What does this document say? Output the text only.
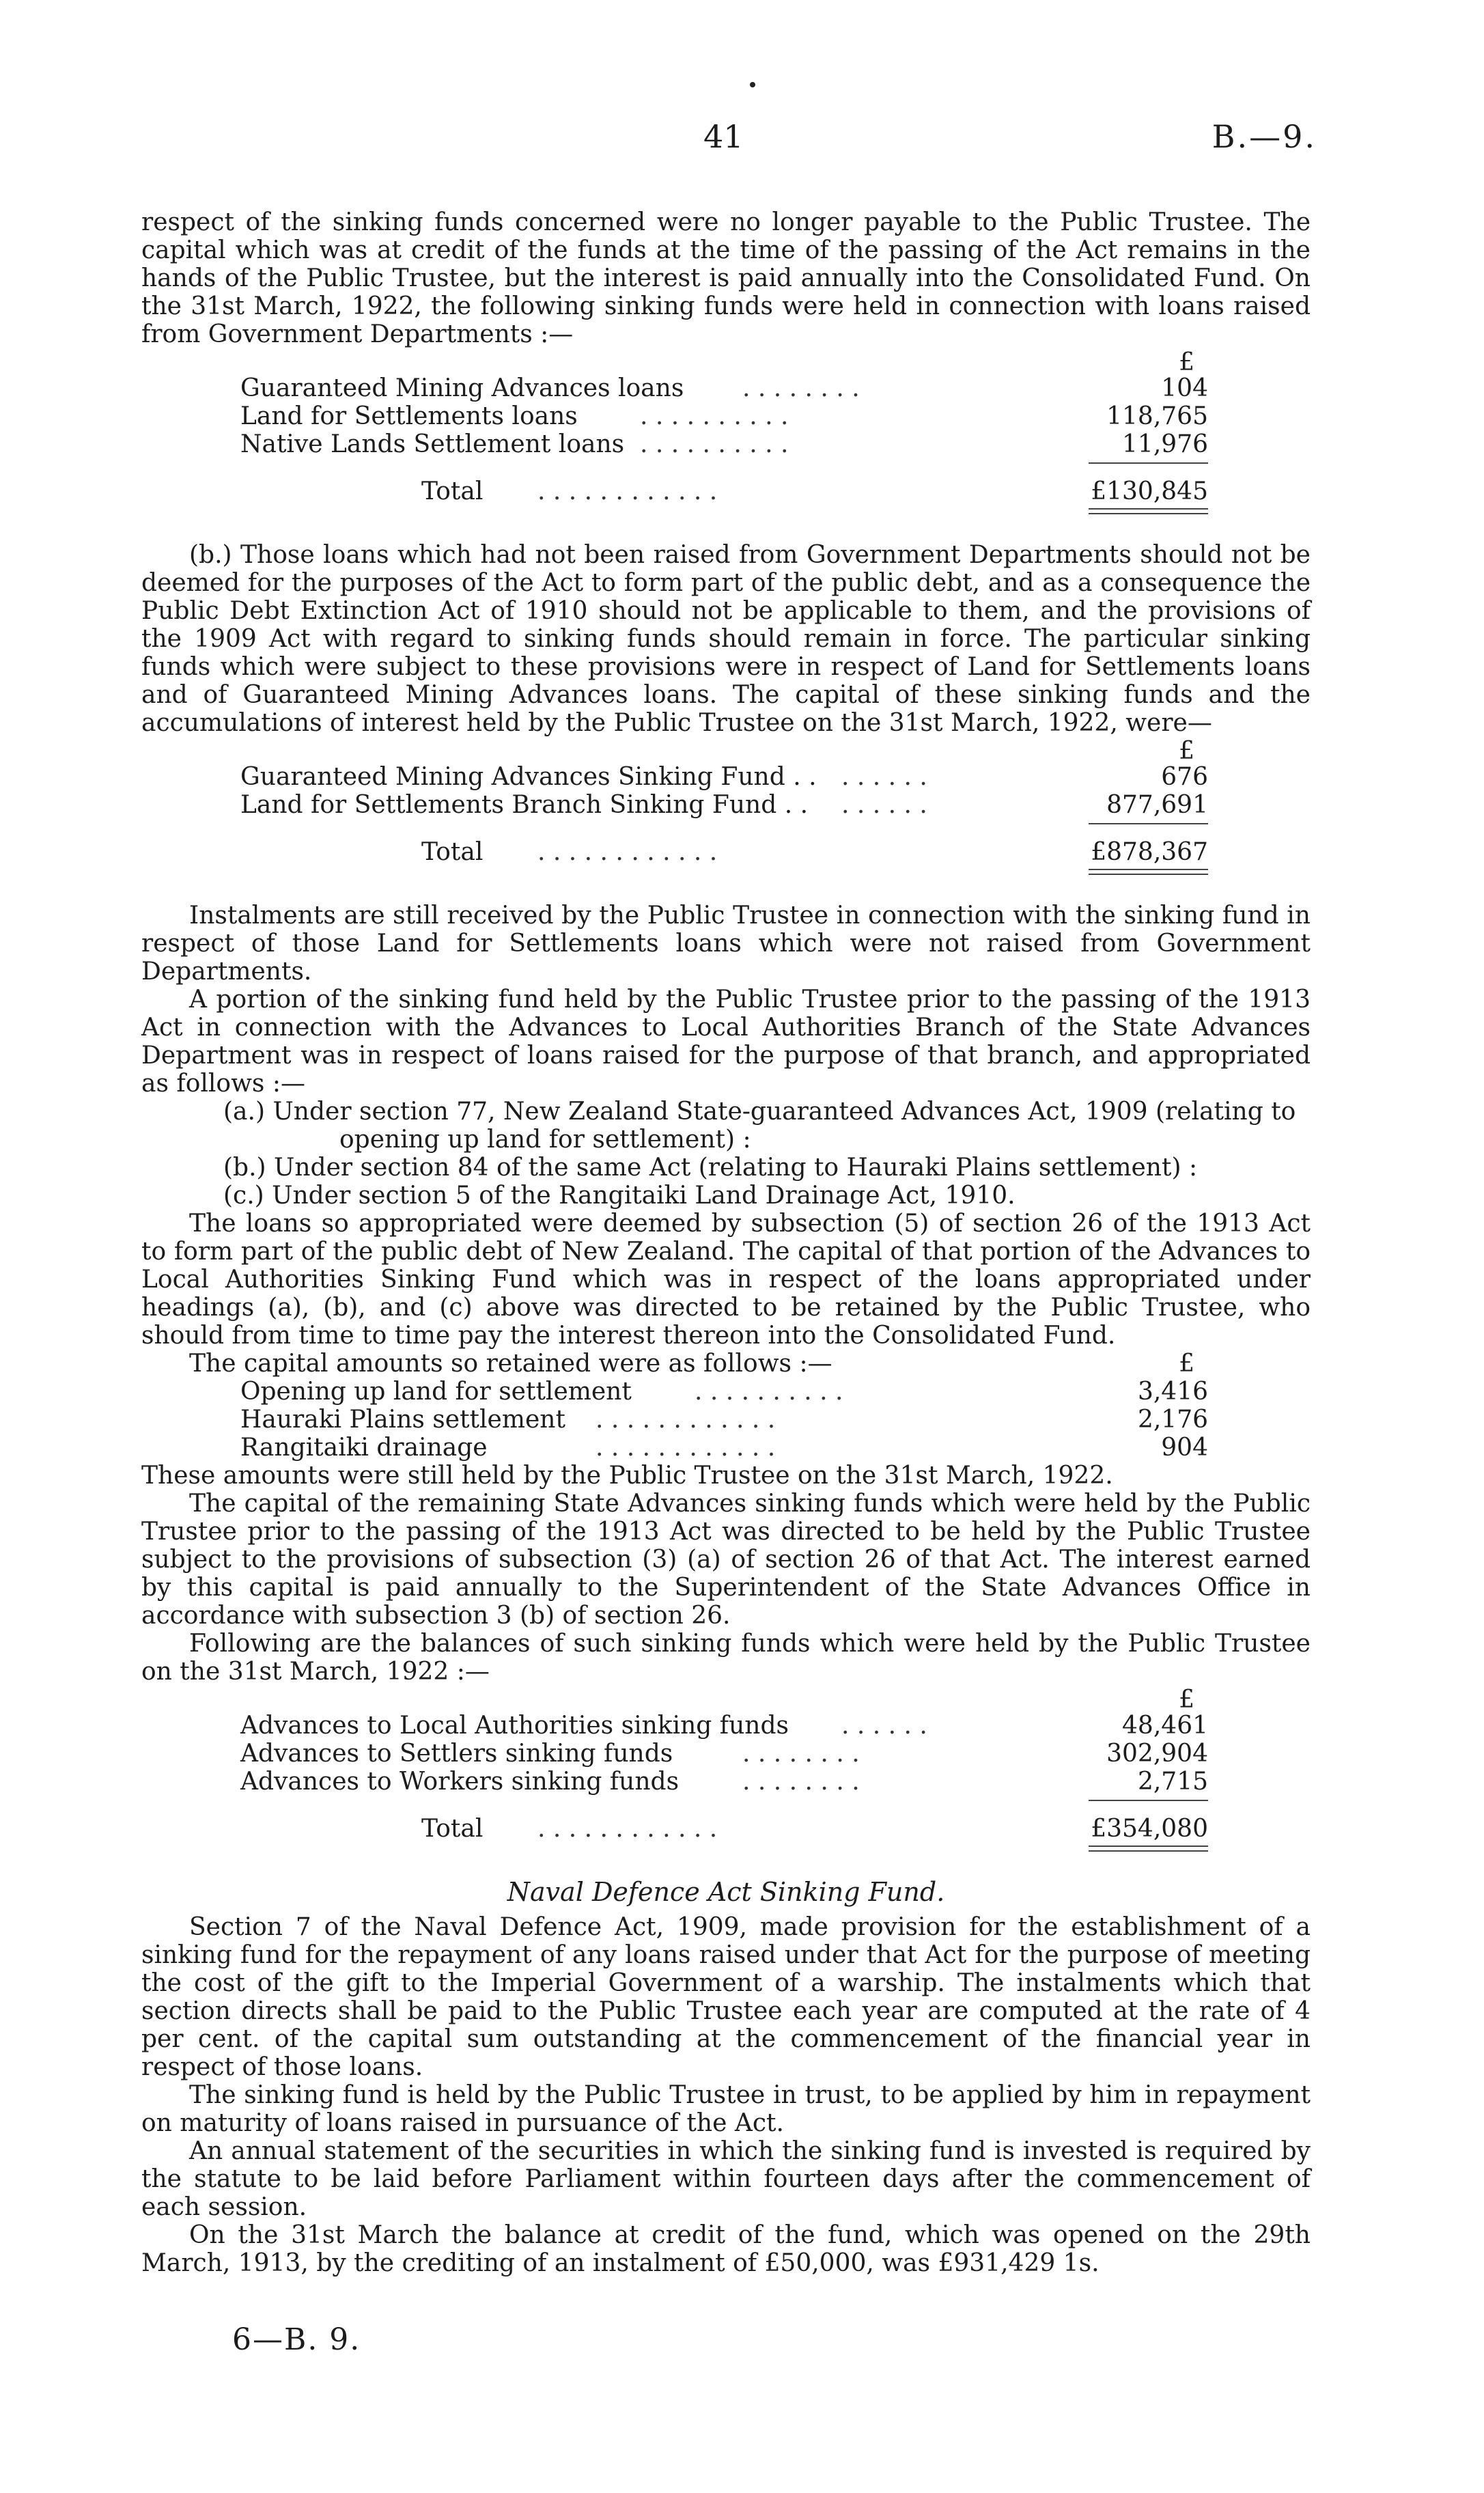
41	B.—9.

respect of the sinking funds concerned were no longer payable to the Public Trustee. The capital which was at credit of the funds at the time of the passing of the Act remains in the hands of the Public Trustee, but the interest is paid annually into the Consolidated Fund. On the 31st March, 1922, the following sinking funds were held in connection with loans raised from Government Departments :—

£
Guaranteed Mining Advances loans . . . . . . . .	104
Land for Settlements loans	. . . . . . . . . .	118,765
Native Lands Settlement loans . . . . . . . . . .	11,976
Total . . . . . . . . . . . .	£130,845

(b.) Those loans which had not been raised from Government Departments should not be deemed for the purposes of the Act to form part of the public debt, and as a consequence the Public Debt Extinction Act of 1910 should not be applicable to them, and the provisions of the 1909 Act with regard to sinking funds should remain in force. The particular sinking funds which were subject to these provisions were in respect of Land for Settlements loans and of Guaranteed Mining Advances loans. The capital of these sinking funds and the accumulations of interest held by the Public Trustee on the 31st March, 1922, were—

£
Guaranteed Mining Advances Sinking Fund . . . . . . . .	676
Land for Settlements Branch Sinking Fund . . . . . . . .	877,691
Total . . . . . . . . . . . .	£878,367

Instalments are still received by the Public Trustee in connection with the sinking fund in respect of those Land for Settlements loans which were not raised from Government Departments.

A portion of the sinking fund held by the Public Trustee prior to the passing of the 1913 Act in connection with the Advances to Local Authorities Branch of the State Advances Department was in respect of loans raised for the purpose of that branch, and appropriated as follows :—

(a.) Under section 77, New Zealand State-guaranteed Advances Act, 1909 (relating to

opening up land for settlement) :

(b.) Under section 84 of the same Act (relating to Hauraki Plains settlement) :

(c.) Under section 5 of the Rangitaiki Land Drainage Act, 1910.

The loans so appropriated were deemed by subsection (5) of section 26 of the 1913 Act to form part of the public debt of New Zealand. The capital of that portion of the Advances to Local Authorities Sinking Fund which was in respect of the loans appropriated under headings (a), (b), and (c) above was directed to be retained by the Public Trustee, who should from time to time pay the interest thereon into the Consolidated Fund.

The capital amounts so retained were as follows :—	£
Opening up land for settlement	. . . . . . . . . .	3,416
Hauraki Plains settlement . . . . . . . . . . . .	2,176
Rangitaiki drainage	. . . . . . . . . . . .	904

These amounts were still held by the Public Trustee on the 31st March, 1922.

The capital of the remaining State Advances sinking funds which were held by the Public Trustee prior to the passing of the 1913 Act was directed to be held by the Public Trustee subject to the provisions of subsection (3) (a) of section 26 of that Act. The interest earned by this capital is paid annually to the Superintendent of the State Advances Office in accordance with subsection 3 (b) of section 26.

Following are the balances of such sinking funds which were held by the Public Trustee on the 31st March, 1922 :—

£
Advances to Local Authorities sinking funds . . . . . .	48,461
Advances to Settlers sinking funds	. . . . . . . .	302,904
Advances to Workers sinking funds	. . . . . . . .	2,715
Total . . . . . . . . . . . .	£354,080
Naval Defence Act Sinking Fund.

Section 7 of the Naval Defence Act, 1909, made provision for the establishment of a sinking fund for the repayment of any loans raised under that Act for the purpose of meeting the cost of the gift to the Imperial Government of a warship. The instalments which that section directs shall be paid to the Public Trustee each year are computed at the rate of 4 per cent. of the capital sum outstanding at the commencement of the financial year in respect of those loans.

The sinking fund is held by the Public Trustee in trust, to be applied by him in repayment on maturity of loans raised in pursuance of the Act.

An annual statement of the securities in which the sinking fund is invested is required by the statute to be laid before Parliament within fourteen days after the commencement of each session.

On the 31st March the balance at credit of the fund, which was opened on the 29th March, 1913, by the crediting of an instalment of £50,000, was £931,429 1s.

6—B. 9.
